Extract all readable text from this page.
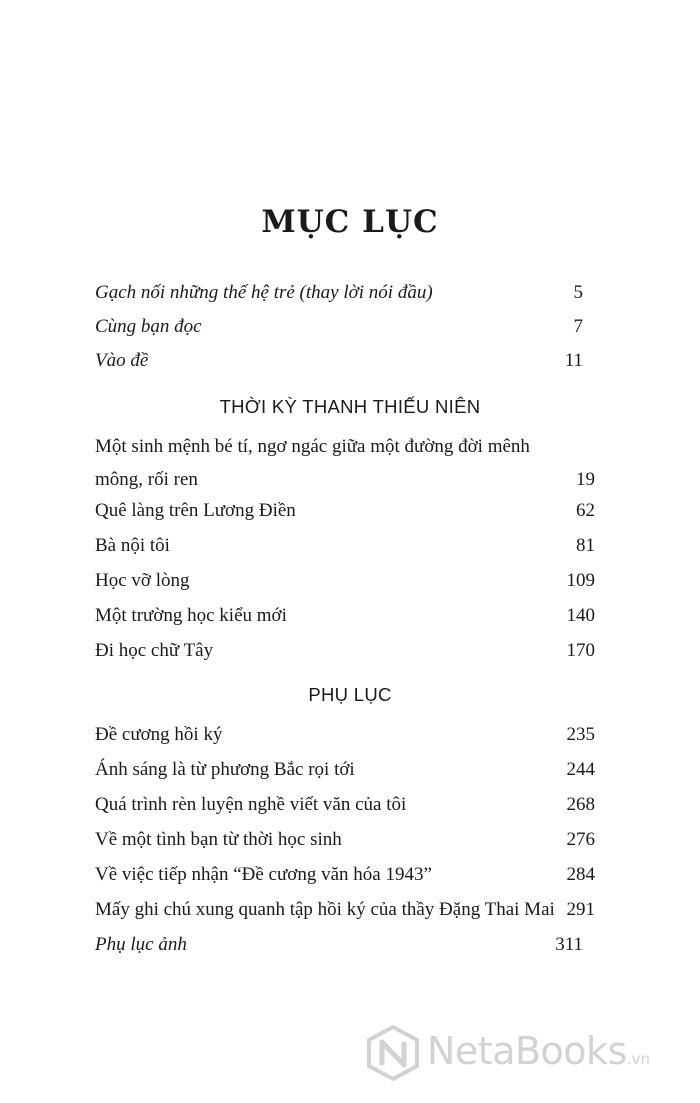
MỤC LỤC
Gạch nối những thế hệ trẻ (thay lời nói đầu)	5
Cùng bạn đọc	7
Vào đề	11
THỜI KỲ THANH THIẾU NIÊN
Một sinh mệnh bé tí, ngơ ngác giữa một đường đời mênh mông, rối ren	19
Quê làng trên Lương Điền	62
Bà nội tôi	81
Học vỡ lòng	109
Một trường học kiểu mới	140
Đi học chữ Tây	170
PHỤ LỤC
Đề cương hồi ký	235
Ánh sáng là từ phương Bắc rọi tới	244
Quá trình rèn luyện nghề viết văn của tôi	268
Về một tình bạn từ thời học sinh	276
Về việc tiếp nhận “Đề cương văn hóa 1943”	284
Mấy ghi chú xung quanh tập hồi ký của thầy Đặng Thai Mai 291
Phụ lục ảnh	311
NetaBooks.vn
